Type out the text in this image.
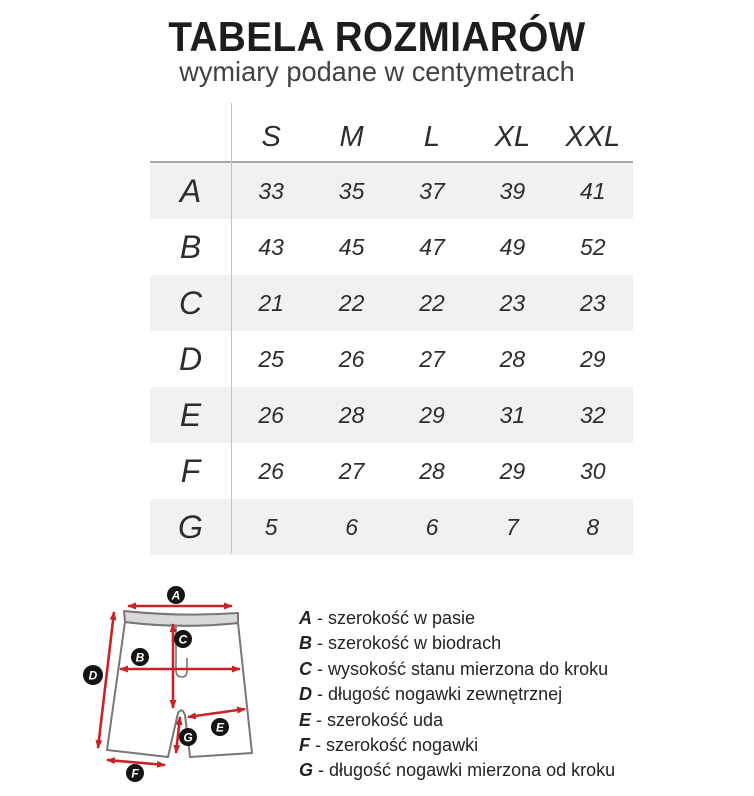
TABELA ROZMIARÓW
wymiary podane w centymetrach
S	M	L	XL	XXL
A	33	35	37	39	41
B	43	45	47	49	52
C	21	22	22	23	23
D	25	26	27	28	29
E	26	28	29	31	32
F	26	27	28	29	30
G	5	6	6	7	8
A
B
C
D
E
F
G
A - szerokość w pasie
B - szerokość w biodrach
C - wysokość stanu mierzona do kroku
D - długość nogawki zewnętrznej
E - szerokość uda
F - szerokość nogawki
G - długość nogawki mierzona od kroku
